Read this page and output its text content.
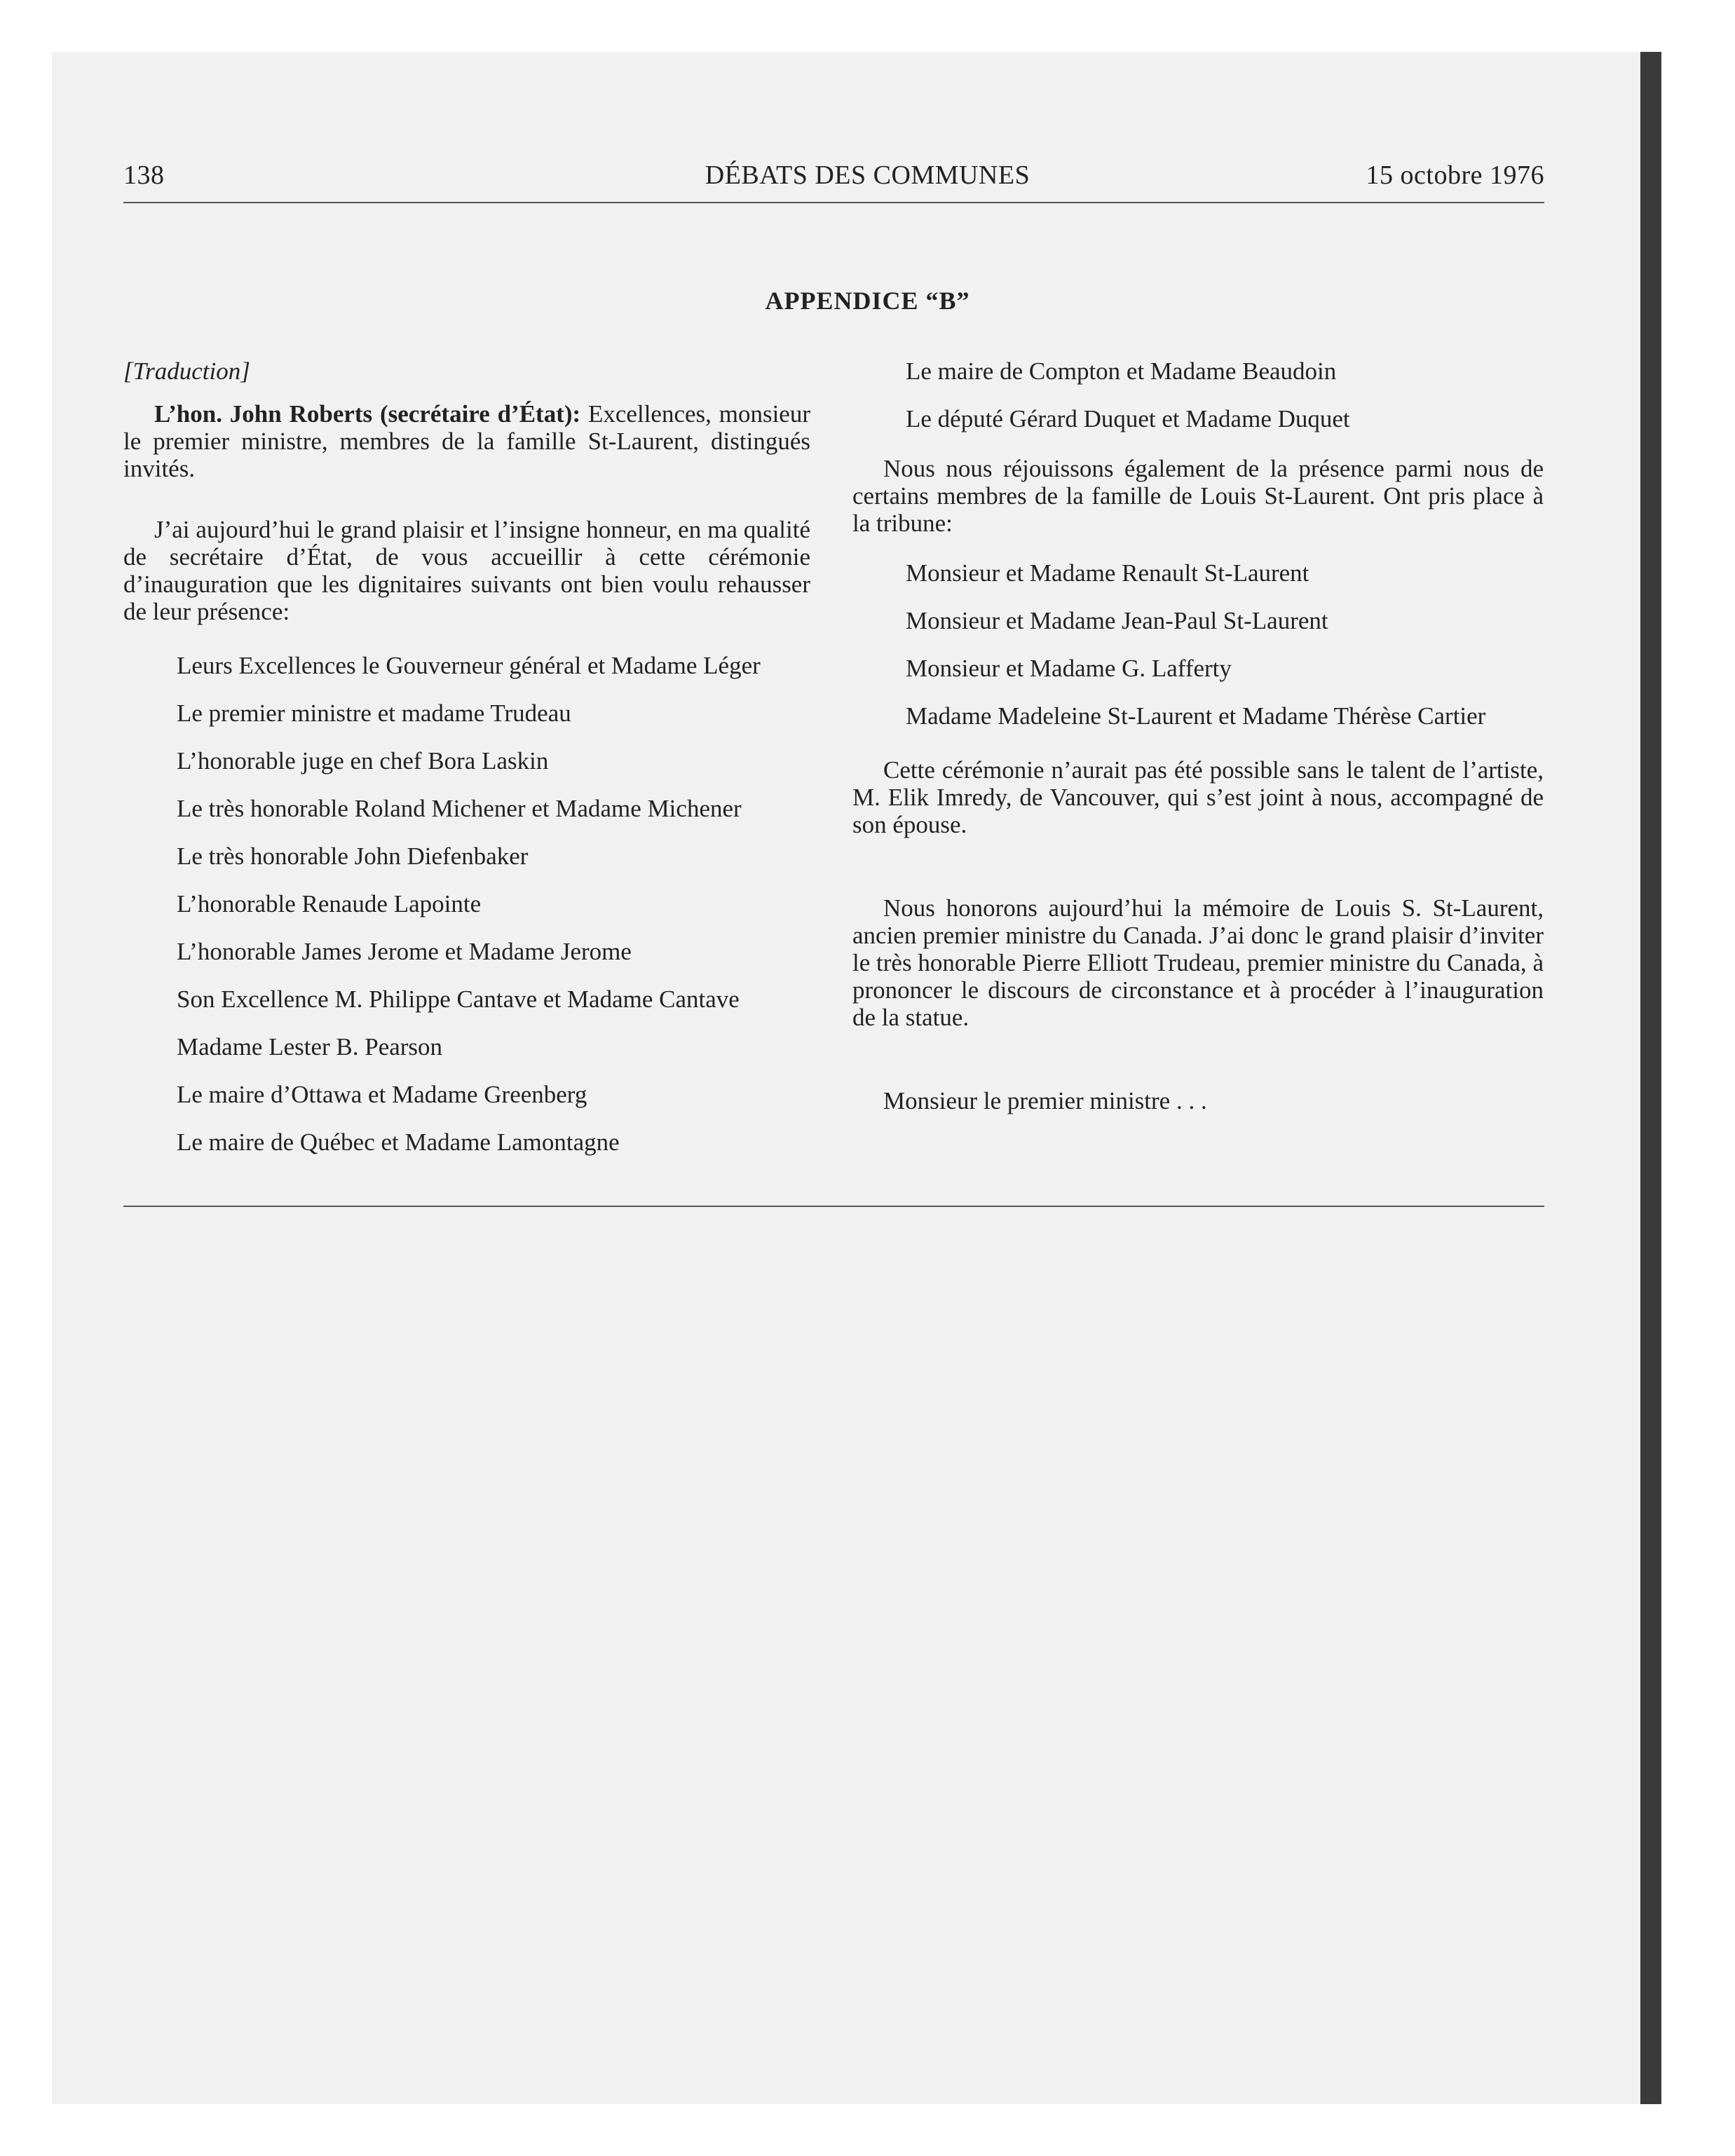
138	DÉBATS DES COMMUNES	15 octobre 1976
APPENDICE “B”

[Traduction]

L’hon. John Roberts (secrétaire d’État): Excellences, monsieur le premier ministre, membres de la famille St-Laurent, distingués invités.

J’ai aujourd’hui le grand plaisir et l’insigne honneur, en ma qualité de secrétaire d’État, de vous accueillir à cette cérémonie d’inauguration que les dignitaires suivants ont bien voulu rehausser de leur présence:

Leurs Excellences le Gouverneur général et Madame Léger

Le premier ministre et madame Trudeau

L’honorable juge en chef Bora Laskin

Le très honorable Roland Michener et Madame Michener

Le très honorable John Diefenbaker

L’honorable Renaude Lapointe

L’honorable James Jerome et Madame Jerome

Son Excellence M. Philippe Cantave et Madame Cantave

Madame Lester B. Pearson

Le maire d’Ottawa et Madame Greenberg

Le maire de Québec et Madame Lamontagne

Le maire de Compton et Madame Beaudoin

Le député Gérard Duquet et Madame Duquet

Nous nous réjouissons également de la présence parmi nous de certains membres de la famille de Louis St-Laurent. Ont pris place à la tribune:

Monsieur et Madame Renault St-Laurent

Monsieur et Madame Jean-Paul St-Laurent

Monsieur et Madame G. Lafferty

Madame Madeleine St-Laurent et Madame Thérèse Cartier

Cette cérémonie n’aurait pas été possible sans le talent de l’artiste, M. Elik Imredy, de Vancouver, qui s’est joint à nous, accompagné de son épouse.

Nous honorons aujourd’hui la mémoire de Louis S. St-Laurent, ancien premier ministre du Canada. J’ai donc le grand plaisir d’inviter le très honorable Pierre Elliott Trudeau, premier ministre du Canada, à prononcer le discours de circonstance et à procéder à l’inauguration de la statue.

Monsieur le premier ministre . . .
